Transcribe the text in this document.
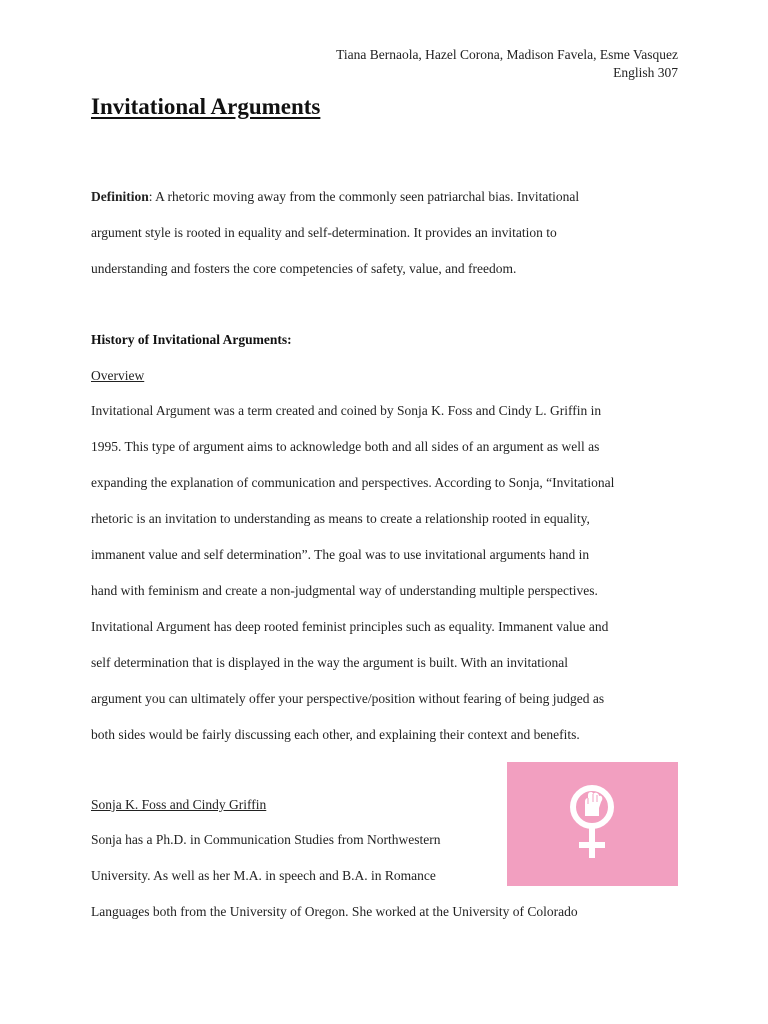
Tiana Bernaola, Hazel Corona, Madison Favela, Esme Vasquez
English 307
Invitational Arguments
Definition: A rhetoric moving away from the commonly seen patriarchal bias. Invitational
argument style is rooted in equality and self-determination. It provides an invitation to
understanding and fosters the core competencies of safety, value, and freedom.
History of Invitational Arguments:
Overview
Invitational Argument was a term created and coined by Sonja K. Foss and Cindy L. Griffin in
1995. This type of argument aims to acknowledge both and all sides of an argument as well as
expanding the explanation of communication and perspectives. According to Sonja, “Invitational
rhetoric is an invitation to understanding as means to create a relationship rooted in equality,
immanent value and self determination”. The goal was to use invitational arguments hand in
hand with feminism and create a non-judgmental way of understanding multiple perspectives.
Invitational Argument has deep rooted feminist principles such as equality. Immanent value and
self determination that is displayed in the way the argument is built. With an invitational
argument you can ultimately offer your perspective/position without fearing of being judged as
both sides would be fairly discussing each other, and explaining their context and benefits.
Sonja K. Foss and Cindy Griffin
Sonja has a Ph.D. in Communication Studies from Northwestern
University. As well as her M.A. in speech and B.A. in Romance
Languages both from the University of Oregon. She worked at the University of Colorado
